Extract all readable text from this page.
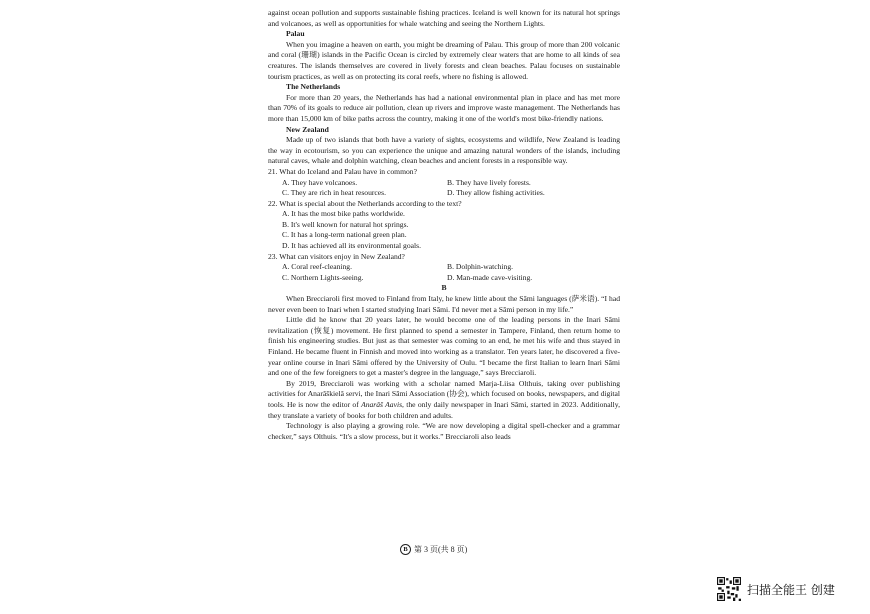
against ocean pollution and supports sustainable fishing practices. Iceland is well known for its natural hot springs and volcanoes, as well as opportunities for whale watching and seeing the Northern Lights.

Palau

When you imagine a heaven on earth, you might be dreaming of Palau. This group of more than 200 volcanic and coral (珊瑚) islands in the Pacific Ocean is circled by extremely clear waters that are home to all kinds of sea creatures. The islands themselves are covered in lively forests and clean beaches. Palau focuses on sustainable tourism practices, as well as on protecting its coral reefs, where no fishing is allowed.

The Netherlands

For more than 20 years, the Netherlands has had a national environmental plan in place and has met more than 70% of its goals to reduce air pollution, clean up rivers and improve waste management. The Netherlands has more than 15,000 km of bike paths across the country, making it one of the world's most bike-friendly nations.

New Zealand

Made up of two islands that both have a variety of sights, ecosystems and wildlife, New Zealand is leading the way in ecotourism, so you can experience the unique and amazing natural wonders of the islands, including natural caves, whale and dolphin watching, clean beaches and ancient forests in a responsible way.

21. What do Iceland and Palau have in common?

A. They have volcanoes.	B. They have lively forests.
C. They are rich in heat resources.	D. They allow fishing activities.

22. What is special about the Netherlands according to the text?

A. It has the most bike paths worldwide.

B. It's well known for natural hot springs.

C. It has a long-term national green plan.

D. It has achieved all its environmental goals.

23. What can visitors enjoy in New Zealand?

A. Coral reef-cleaning.	B. Dolphin-watching.
C. Northern Lights-seeing.	D. Man-made cave-visiting.

B

When Brecciaroli first moved to Finland from Italy, he knew little about the Sāmi languages (萨米语). “I had never even been to Inari when I started studying Inari Sāmi. I'd never met a Sāmi person in my life.”

Little did he know that 20 years later, he would become one of the leading persons in the Inari Sāmi revitalization (恢复) movement. He first planned to spend a semester in Tampere, Finland, then return home to finish his engineering studies. But just as that semester was coming to an end, he met his wife and thus stayed in Finland. He became fluent in Finnish and moved into working as a translator. Ten years later, he discovered a five-year online course in Inari Sāmi offered by the University of Oulu. “I became the first Italian to learn Inari Sāmi and one of the few foreigners to get a master's degree in the language,” says Brecciaroli.

By 2019, Brecciaroli was working with a scholar named Marja-Liisa Olthuis, taking over publishing activities for Anarâškielâ servi, the Inari Sāmi Association (协会), which focused on books, newspapers, and digital tools. He is now the editor of Anarâš Aavis, the only daily newspaper in Inari Sāmi, started in 2023. Additionally, they translate a variety of books for both children and adults.

Technology is also playing a growing role. “We are now developing a digital spell-checker and a grammar checker,” says Olthuis. “It's a slow process, but it works.” Brecciaroli also leads

B 第 3 页(共 8 页)
扫描全能王 创建
